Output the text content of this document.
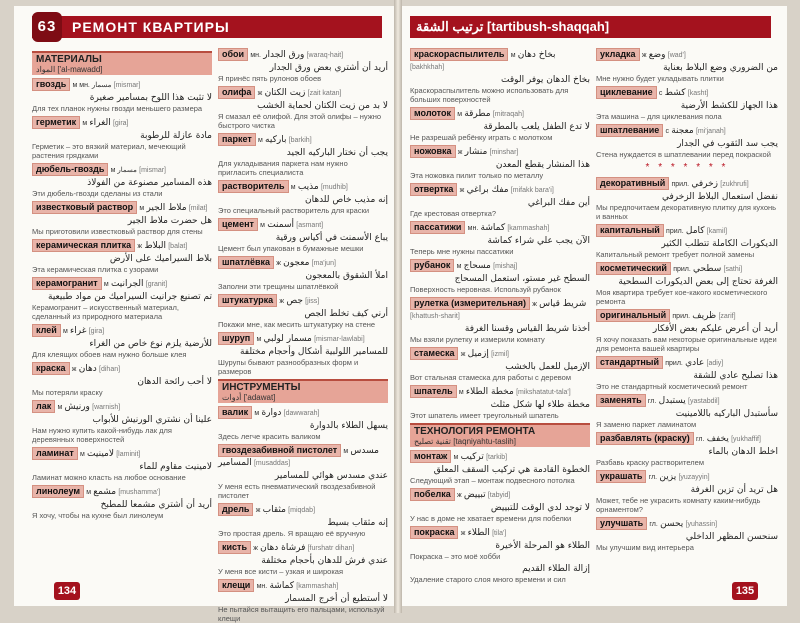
63	РЕМОНТ КВАРТИРЫ
МАТЕРИАЛЫ
المواد ['al-mawadd]
гвоздь м мн. مسمار [mismar]
لا تثبت هذا اللوح بمسامير صغيرة
Для тех планок нужны гвозди меньшего размера
герметик м الغراء [gira]
مادة عازلة للرطوبة
Герметик – это вязкий материал, мечеющий растения грядками
дюбель-гвоздь м مسمار [mismar]
هذه المسامير مصنوعة من الفولاذ
Эти дюбель-гвозди сделаны из стали
известковый раствор м ملاط الجير [milat]
هل حضرت ملاط الجير
Мы приготовили известковый раствор для стены
керамическая плитка ж البلاط [balat]
بلاط السيراميك على الأرض
Эта керамическая плитка с узорами
керамогранит м الجرانيت [granit]
تم تصنيع جرانيت السيراميك من مواد طبيعية
Керамогранит – искусственный материал, сделанный из природного материала
клей м غراء [gira]
للأرضية يلزم نوع خاص من الغراء
Для клеящих обоев нам нужно больше клея
краска ж دهان [dihan]
لا أحب رائحة الدهان
Мы потеряли краску
лак м ورنيش [warnish]
علينا أن نشتري الورنيش للأبواب
Нам нужно купить какой-нибудь лак для деревянных поверхностей
ламинат м لامينيت [laminit]
لامينيت مقاوم للماء
Ламинат можно класть на любое основание
линолеум м مشمع [mushamma']
أريد أن أشتري مشمعا للمطبخ
Я хочу, чтобы на кухне был линолеум
обои мн. ورق الجدار [waraq-hait]
أريد أن أشتري بعض ورق الجدار
Я принёс пять рулонов обоев
олифа ж زيت الكتان [zait katan]
لا بد من زيت الكتان لحماية الخشب
Я смазал её олифой. Для этой олифы – нужно быстрого чистка
паркет м باركيه [barkih]
يجب أن نختار الباركيه الجيد
Для укладывания паркета нам нужно пригласить специалиста
растворитель м مذيب [mudhib]
إنه مذيب خاص للدهان
Это специальный растворитель для краски
цемент м أسمنت [asmant]
يباع الأسمنت في أكياس ورقية
Цемент был упакован в бумажные мешки
шпатлёвка ж معجون [ma'jun]
املأ الشقوق بالمعجون
Заполни эти трещины шпатлёвкой
штукатурка ж جص [jiss]
أرني كيف تخلط الجص
Покажи мне, как месить штукатурку на стене
шуруп м مسمار لولبي [mismar-lawlabi]
للمسامير اللولبية أشكال وأحجام مختلفة
Шурупы бывают разнообразных форм и размеров
ИНСТРУМЕНТЫ
أدوات ['adawat]
валик м دوارة [dawwarah]
يسهل الطلاء بالدوارة
Здесь легче красить валиком
гвоздезабивной пистолет м مسدس المسامير [musaddas]
عندي مسدس هوائي للمسامير
У меня есть пневматический гвоздезабивной пистолет
дрель ж مثقاب [miqdab]
إنه مثقاب بسيط
Это простая дрель. Я вращаю её вручную
кисть ж فرشاة دهان [furshatr dihan]
عندي فرش للدهان بأحجام مختلفة
У меня все кисти – узкая и широкая
клещи мн. كماشة [kammashah]
لا أستطيع أن أخرج المسمار
Не пытайся вытащить его пальцами, используй клещи
134
ترتيب الشقة [tartibush-shaqqah]
краскораспылитель м بخاخ دهان [bakhkhah]
بخاخ الدهان يوفر الوقت
Краскораспылитель можно использовать для больших поверхностей
молоток м مطرقة [mitraqah]
لا تدع الطفل يلعب بالمطرقة
Не разрешай ребёнку играть с молотком
ножовка ж منشار [minshar]
هذا المنشار يقطع المعدن
Эта ножовка пилит только по металлу
отвертка ж مفك براغي [mifakk bara'i]
أين مفك البراغي
Где крестовая отвертка?
пассатижи мн. كماشة [kammashah]
الآن يجب علي شراء كماشة
Теперь мне нужны пассатижи
рубанок м مسحاج [mishaj]
السطح غير مستو، استعمل المسحاج
Поверхность неровная. Используй рубанок
рулетка (измерительная) ж شريط قياس [khattush-sharit]
أخذنا شريط القياس وقسنا الغرفة
Мы взяли рулетку и измерили комнату
стамеска ж إزميل [izmil]
الإزميل للعمل بالخشب
Вот стальная стамеска для работы с деревом
шпатель м مخطة الطلاء [mikshatatut-tala']
مخطة طلاء لها شكل مثلث
Этот шпатель имеет треугольный шпатель
ТЕХНОЛОГИЯ РЕМОНТА
تقنية تصليح [taqniyahtu-taslih]
монтаж м تركيب [tarkib]
الخطوة القادمة هي تركيب السقف المعلق
Следующий этап – монтаж подвесного потолка
побелка ж تبييض [tabyid]
لا توجد لدي الوقت للتبييض
У нас в доме не хватает времени для побелки
покраска ж الطلاء [tila']
الطلاء هو المرحلة الأخيرة
Покраска – это моё хобби
إزالة الطلاء القديم
Удаление старого слоя много времени и сил
укладка ж وضع [wad']
من الضروري وضع البلاط بعناية
Мне нужно будет укладывать плитки
циклевание с كشط [kasht]
هذا الجهاز للكشط الأرضية
Эта машина – для циклевания пола
шпатлевание с معجنة [mi'janah]
يجب سد الثقوب في الجدار
Стена нуждается в шпатлевании перед покраской
* * * * * * *
декоративный прил. زخرفي [zukhrufi]
نفضل استعمال البلاط الزخرفي
Мы предпочитаем декоративную плитку для кухонь и ванных
капитальный прил. كامل [kamil]
الديكورات الكاملة تتطلب الكثير
Капитальный ремонт требует полной замены
косметический прил. سطحي [sathi]
الغرفة تحتاج إلى بعض الديكورات السطحية
Моя квартира требует кое-какого косметического ремонта
оригинальный прил. ظريف [zarif]
أريد أن أعرض عليكم بعض الأفكار
Я хочу показать вам некоторые оригинальные идеи для ремонта вашей квартиры
стандартный прил. عادي [adiy]
هذا تصليح عادي للشقة
Это не стандартный косметический ремонт
заменять гл. يستبدل [yastabdil]
سأستبدل الباركيه باللامينيت
Я заменю паркет ламинатом
разбавлять (краску) гл. يخفف [yukhaffif]
اخلط الدهان بالماء
Разбавь краску растворителем
украшать гл. يزين [yuzayyin]
هل تريد أن تزين الغرفة
Может, тебе не украсить комнату каким-нибудь орнаментом?
улучшать гл. يحسن [yuhassin]
سنحسن المظهر الداخلي
Мы улучшим вид интерьера
135
